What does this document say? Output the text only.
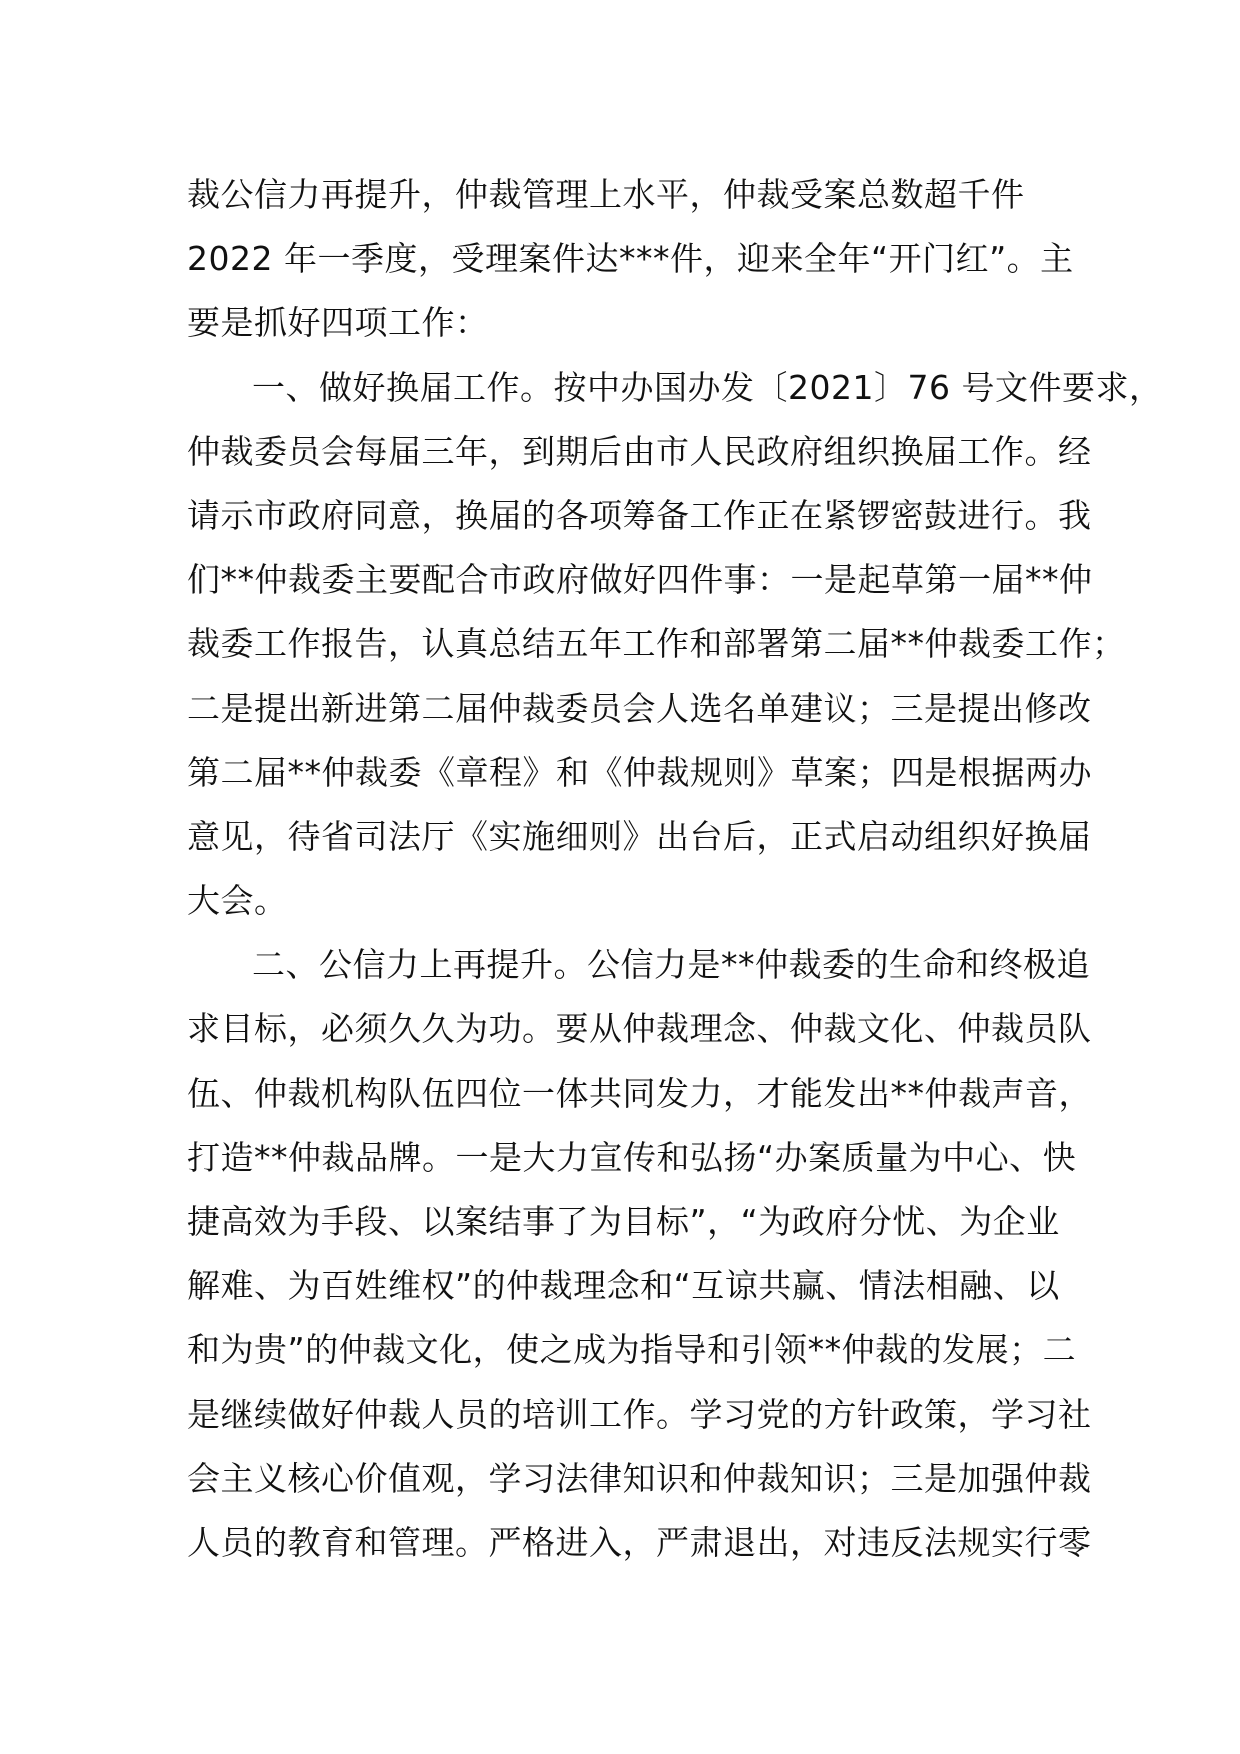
裁公信力再提升，仲裁管理上水平，仲裁受案总数超千件
2022 年一季度，受理案件达***件，迎来全年“开门红”。主
要是抓好四项工作：
一、做好换届工作。按中办国办发〔2021〕76 号文件要求，
仲裁委员会每届三年，到期后由市人民政府组织换届工作。经
请示市政府同意，换届的各项筹备工作正在紧锣密鼓进行。我
们**仲裁委主要配合市政府做好四件事：一是起草第一届**仲
裁委工作报告，认真总结五年工作和部署第二届**仲裁委工作；
二是提出新进第二届仲裁委员会人选名单建议；三是提出修改
第二届**仲裁委《章程》和《仲裁规则》草案；四是根据两办
意见，待省司法厅《实施细则》出台后，正式启动组织好换届
大会。
二、公信力上再提升。公信力是**仲裁委的生命和终极追
求目标，必须久久为功。要从仲裁理念、仲裁文化、仲裁员队
伍、仲裁机构队伍四位一体共同发力，才能发出**仲裁声音，
打造**仲裁品牌。一是大力宣传和弘扬“办案质量为中心、快
捷高效为手段、以案结事了为目标”，“为政府分忧、为企业
解难、为百姓维权”的仲裁理念和“互谅共赢、情法相融、以
和为贵”的仲裁文化，使之成为指导和引领**仲裁的发展；二
是继续做好仲裁人员的培训工作。学习党的方针政策，学习社
会主义核心价值观，学习法律知识和仲裁知识；三是加强仲裁
人员的教育和管理。严格进入，严肃退出，对违反法规实行零
